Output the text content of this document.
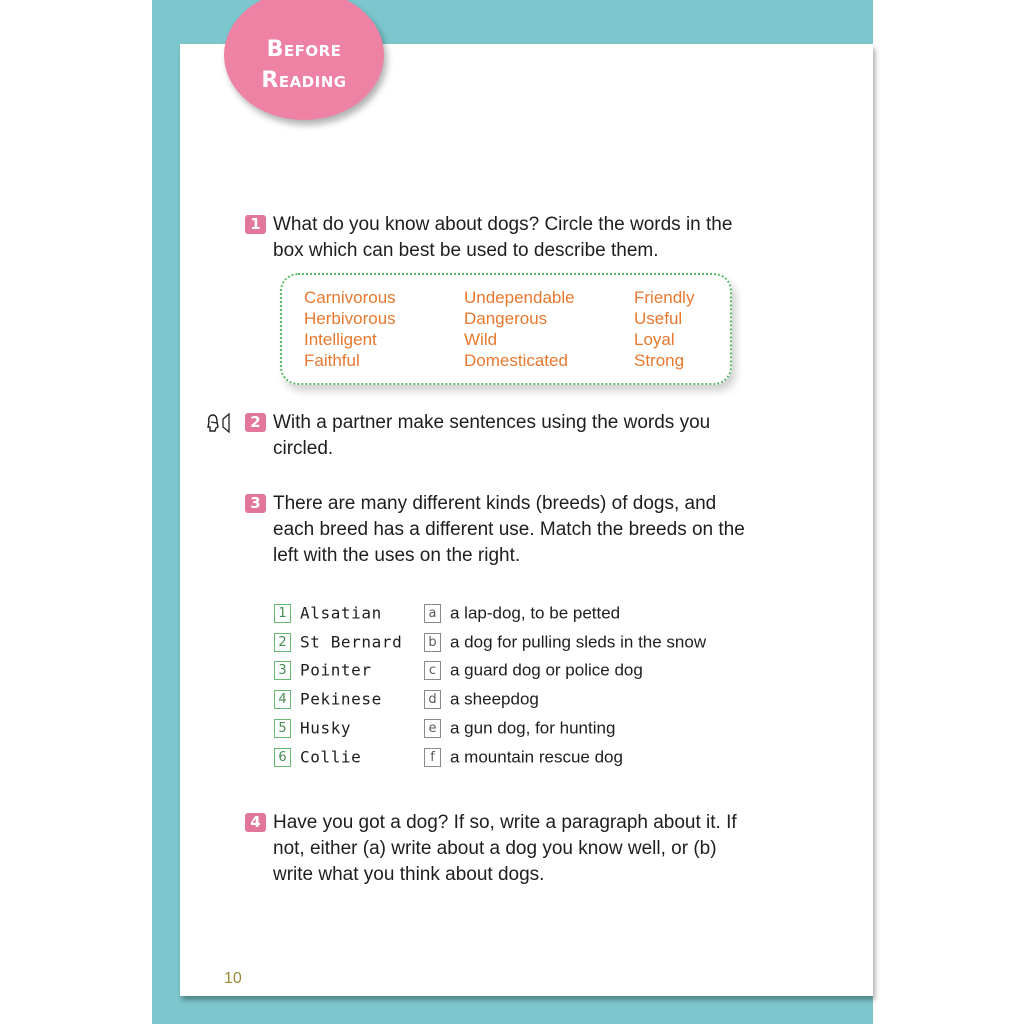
Before
Reading
1 What do you know about dogs? Circle the words in the
box which can best be used to describe them.
Carnivorous
Herbivorous
Intelligent
Faithful
Undependable
Dangerous
Wild
Domesticated
Friendly
Useful
Loyal
Strong
2 With a partner make sentences using the words you
circled.
3 There are many different kinds (breeds) of dogs, and
each breed has a different use. Match the breeds on the
left with the uses on the right.
1 Alsatian
2 St Bernard
3 Pointer
4 Pekinese
5 Husky
6 Collie
a a lap-dog, to be petted
b a dog for pulling sleds in the snow
c a guard dog or police dog
d a sheepdog
e a gun dog, for hunting
f a mountain rescue dog
4 Have you got a dog? If so, write a paragraph about it. If
not, either (a) write about a dog you know well, or (b)
write what you think about dogs.
10
